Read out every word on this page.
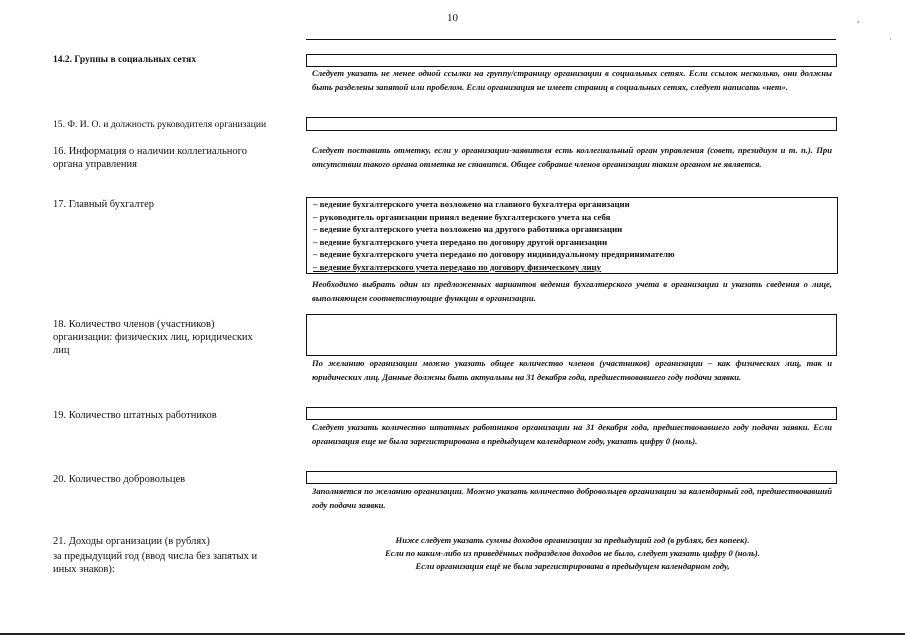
10	,
·
14.2. Группы в социальных сетях
Следует указать не менее одной ссылки на группу/страницу организации в социальных сетях. Если ссылок несколько, они должны быть разделены запятой или пробелом. Если организация не имеет страниц в социальных сетях, следует написать «нет».
15. Ф. И. О. и должность руководителя организации
16. Информация о наличии коллегиального органа управления
Следует поставить отметку, если у организации-заявителя есть коллегиальный орган управления (совет, президиум и т. п.). При отсутствии такого органа отметка не ставится. Общее собрание членов организации таким органом не является.
17. Главный бухгалтер	– ведение бухгалтерского учета возложено на главного бухгалтера организации
– руководитель организации принял ведение бухгалтерского учета на себя
– ведение бухгалтерского учета возложено на другого работника организации
– ведение бухгалтерского учета передано по договору другой организации
– ведение бухгалтерского учета передано по договору индивидуальному предпринимателю
– ведение бухгалтерского учета передано по договору физическому лицу
Необходимо выбрать один из предложенных вариантов ведения бухгалтерского учета в организации и указать сведения о лице, выполняющем соответствующие функции в организации.
18. Количество членов (участников) организации: физических лиц, юридических лиц
По желанию организации можно указать общее количество членов (участников) организации – как физических лиц, так и юридических лиц. Данные должны быть актуальны на 31 декабря года, предшествовавшего году подачи заявки.
19. Количество штатных работников
Следует указать количество штатных работников организации на 31 декабря года, предшествовавшего году подачи заявки. Если организация еще не была зарегистрирована в предыдущем календарном году, указать цифру 0 (ноль).
20. Количество добровольцев
Заполняется по желанию организации. Можно указать количество добровольцев организации за календарный год, предшествовавший году подачи заявки.
21. Доходы организации (в рублях)
за предыдущий год (ввод числа без запятых и
иных знаков):
Ниже следует указать суммы доходов организации за предыдущий год (в рублях, без копеек).
Если по каким-либо из приведённых подразделов доходов не было, следует указать цифру 0 (ноль).
Если организация ещё не была зарегистрирована в предыдущем календарном году,
